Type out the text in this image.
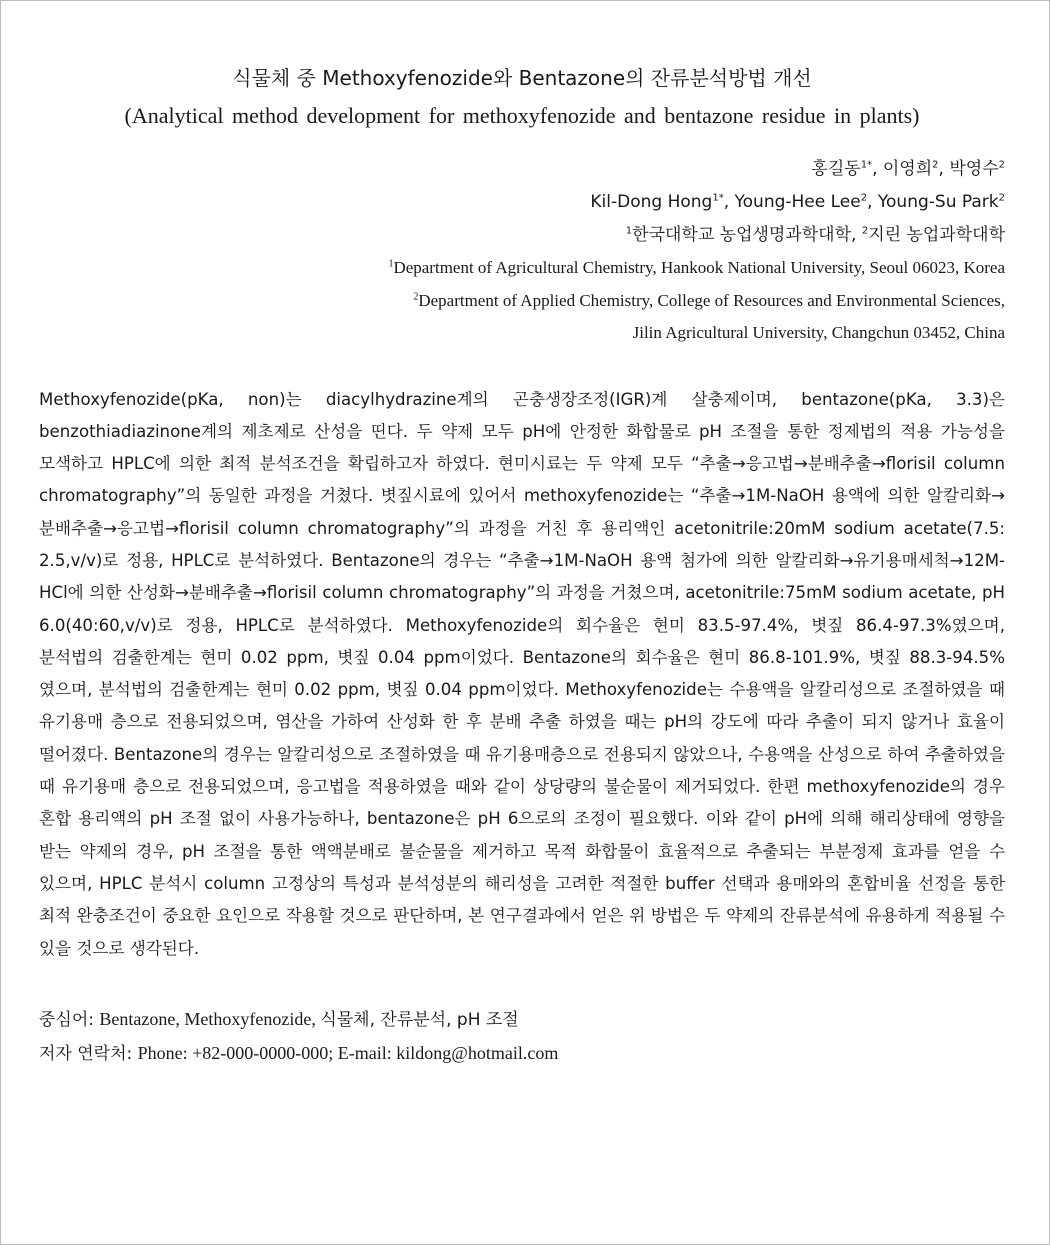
식물체 중 Methoxyfenozide와 Bentazone의 잔류분석방법 개선
(Analytical method development for methoxyfenozide and bentazone residue in plants)
홍길동$^{1*}$, 이영희$^2$, 박영수$^2$
Kil-Dong Hong$^{1*}$, Young-Hee Lee$^2$, Young-Su Park$^2$
$^1$한국대학교 농업생명과학대학, $^2$지린 농업과학대학
$^1$Department of Agricultural Chemistry, Hankook National University, Seoul 06023, Korea
$^2$Department of Applied Chemistry, College of Resources and Environmental Sciences,
Jilin Agricultural University, Changchun 03452, China
Methoxyfenozide(pKa, non)는 diacylhydrazine계의 곤충생장조정(IGR)계 살충제이며, bentazone(pKa, 3.3)은 benzothiadiazinone계의 제초제로 산성을 띤다. 두 약제 모두 pH에 안정한 화합물로 pH 조절을 통한 정제법의 적용 가능성을 모색하고 HPLC에 의한 최적 분석조건을 확립하고자 하였다. 현미시료는 두 약제 모두 “추출→응고법→분배추출→florisil column chromatography”의 동일한 과정을 거쳤다. 볏짚시료에 있어서 methoxyfenozide는 “추출→1M-NaOH 용액에 의한 알칼리화→분배추출→응고법→florisil column chromatography”의 과정을 거친 후 용리액인 acetonitrile:20mM sodium acetate(7.5: 2.5,v/v)로 정용, HPLC로 분석하였다. Bentazone의 경우는 “추출→1M-NaOH 용액 첨가에 의한 알칼리화→유기용매세척→12M-HCl에 의한 산성화→분배추출→florisil column chromatography”의 과정을 거쳤으며, acetonitrile:75mM sodium acetate, pH 6.0(40:60,v/v)로 정용, HPLC로 분석하였다. Methoxyfenozide의 회수율은 현미 83.5-97.4%, 볏짚 86.4-97.3%였으며, 분석법의 검출한계는 현미 0.02 ppm, 볏짚 0.04 ppm이었다. Bentazone의 회수율은 현미 86.8-101.9%, 볏짚 88.3-94.5%였으며, 분석법의 검출한계는 현미 0.02 ppm, 볏짚 0.04 ppm이었다. Methoxyfenozide는 수용액을 알칼리성으로 조절하였을 때 유기용매 층으로 전용되었으며, 염산을 가하여 산성화 한 후 분배 추출 하였을 때는 pH의 강도에 따라 추출이 되지 않거나 효율이 떨어졌다. Bentazone의 경우는 알칼리성으로 조절하였을 때 유기용매층으로 전용되지 않았으나, 수용액을 산성으로 하여 추출하였을 때 유기용매 층으로 전용되었으며, 응고법을 적용하였을 때와 같이 상당량의 불순물이 제거되었다. 한편 methoxyfenozide의 경우 혼합 용리액의 pH 조절 없이 사용가능하나, bentazone은 pH 6으로의 조정이 필요했다. 이와 같이 pH에 의해 해리상태에 영향을 받는 약제의 경우, pH 조절을 통한 액액분배로 불순물을 제거하고 목적 화합물이 효율적으로 추출되는 부분정제 효과를 얻을 수 있으며, HPLC 분석시 column 고정상의 특성과 분석성분의 해리성을 고려한 적절한 buffer 선택과 용매와의 혼합비율 선정을 통한 최적 완충조건이 중요한 요인으로 작용할 것으로 판단하며, 본 연구결과에서 얻은 위 방법은 두 약제의 잔류분석에 유용하게 적용될 수 있을 것으로 생각된다.
중심어: Bentazone, Methoxyfenozide, 식물체, 잔류분석, pH 조절
저자 연락처: Phone: +82-000-0000-000; E-mail: kildong@hotmail.com
